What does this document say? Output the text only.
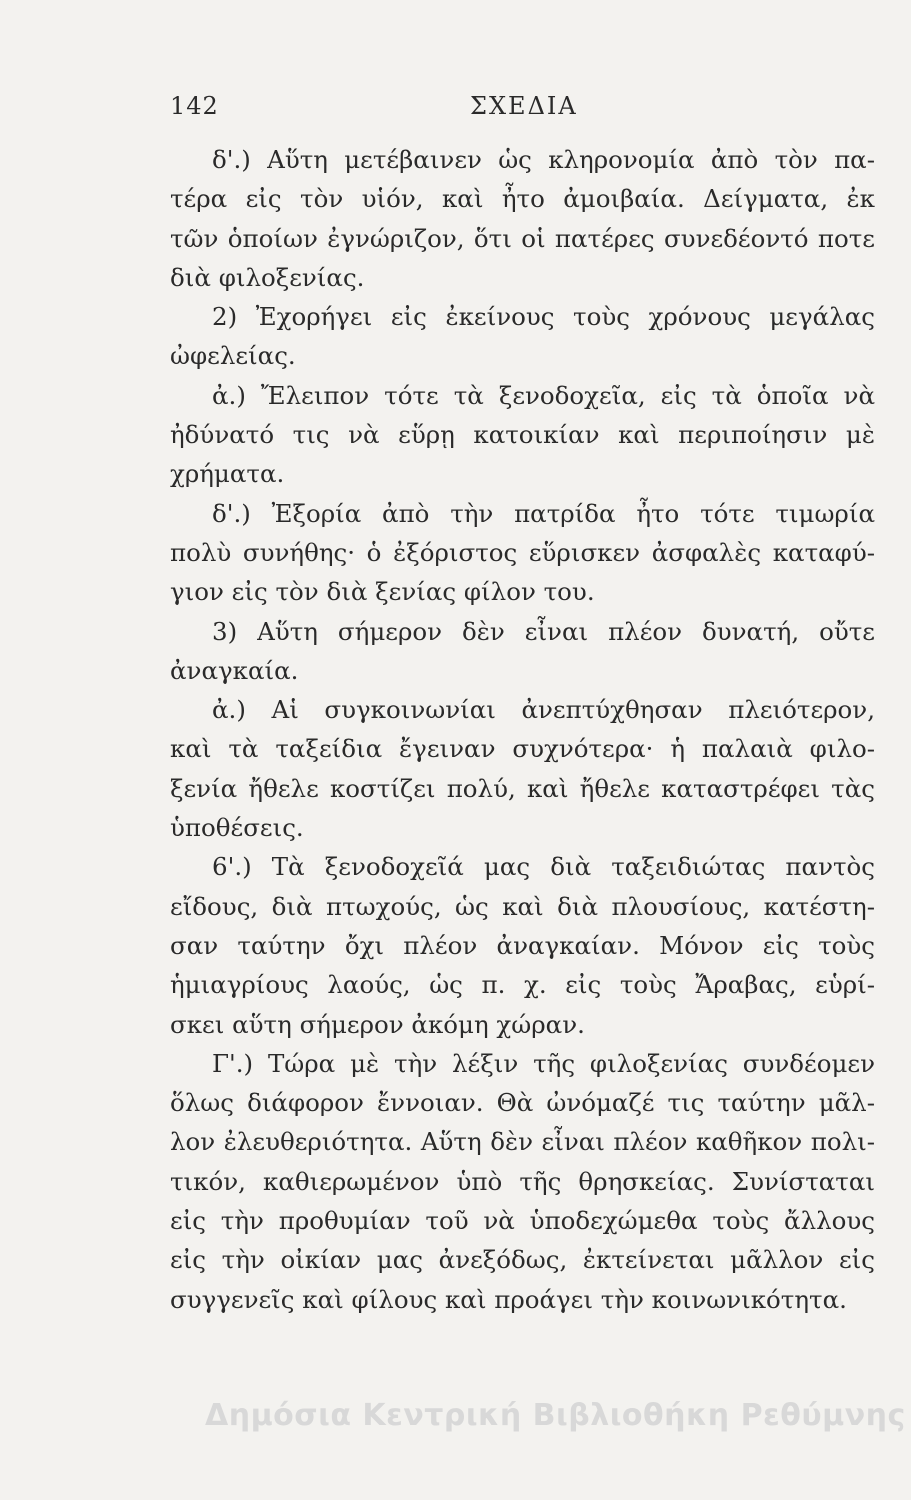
142	ΣΧΕΔΙΑ
δ'.) Αὕτη μετέβαινεν ὡς κληρονομία ἀπὸ τὸν πα-
τέρα εἰς τὸν υἱόν, καὶ ἦτο ἀμοιβαία. Δείγματα, ἐκ
τῶν ὁποίων ἐγνώριζον, ὅτι οἱ πατέρες συνεδέοντό ποτε
διὰ φιλοξενίας.
2) Ἐχορήγει εἰς ἐκείνους τοὺς χρόνους μεγάλας
ὠφελείας.
ἀ.) Ἔλειπον τότε τὰ ξενοδοχεῖα, εἰς τὰ ὁποῖα νὰ
ἠδύνατό τις νὰ εὕρῃ κατοικίαν καὶ περιποίησιν μὲ
χρήματα.
δ'.) Ἐξορία ἀπὸ τὴν πατρίδα ἦτο τότε τιμωρία
πολὺ συνήθης· ὁ ἐξόριστος εὕρισκεν ἀσφαλὲς καταφύ-
γιον εἰς τὸν διὰ ξενίας φίλον του.
3) Αὕτη σήμερον δὲν εἶναι πλέον δυνατή, οὔτε
ἀναγκαία.
ἀ.) Αἱ συγκοινωνίαι ἀνεπτύχθησαν πλειότερον,
καὶ τὰ ταξείδια ἔγειναν συχνότερα· ἡ παλαιὰ φιλο-
ξενία ἤθελε κοστίζει πολύ, καὶ ἤθελε καταστρέφει τὰς
ὑποθέσεις.
6'.) Τὰ ξενοδοχεῖά μας διὰ ταξειδιώτας παντὸς
εἴδους, διὰ πτωχούς, ὡς καὶ διὰ πλουσίους, κατέστη-
σαν ταύτην ὄχι πλέον ἀναγκαίαν. Μόνον εἰς τοὺς
ἡμιαγρίους λαούς, ὡς π. χ. εἰς τοὺς Ἄραβας, εὑρί-
σκει αὕτη σήμερον ἀκόμη χώραν.
Γ'.) Τώρα μὲ τὴν λέξιν τῆς φιλοξενίας συνδέομεν
ὅλως διάφορον ἔννοιαν. Θὰ ὠνόμαζέ τις ταύτην μᾶλ-
λον ἐλευθεριότητα. Αὕτη δὲν εἶναι πλέον καθῆκον πολι-
τικόν, καθιερωμένον ὑπὸ τῆς θρησκείας. Συνίσταται
εἰς τὴν προθυμίαν τοῦ νὰ ὑποδεχώμεθα τοὺς ἄλλους
εἰς τὴν οἰκίαν μας ἀνεξόδως, ἐκτείνεται μᾶλλον εἰς
συγγενεῖς καὶ φίλους καὶ προάγει τὴν κοινωνικότητα.
Δημόσια Κεντρική Βιβλιοθήκη Ρεθύμνης
